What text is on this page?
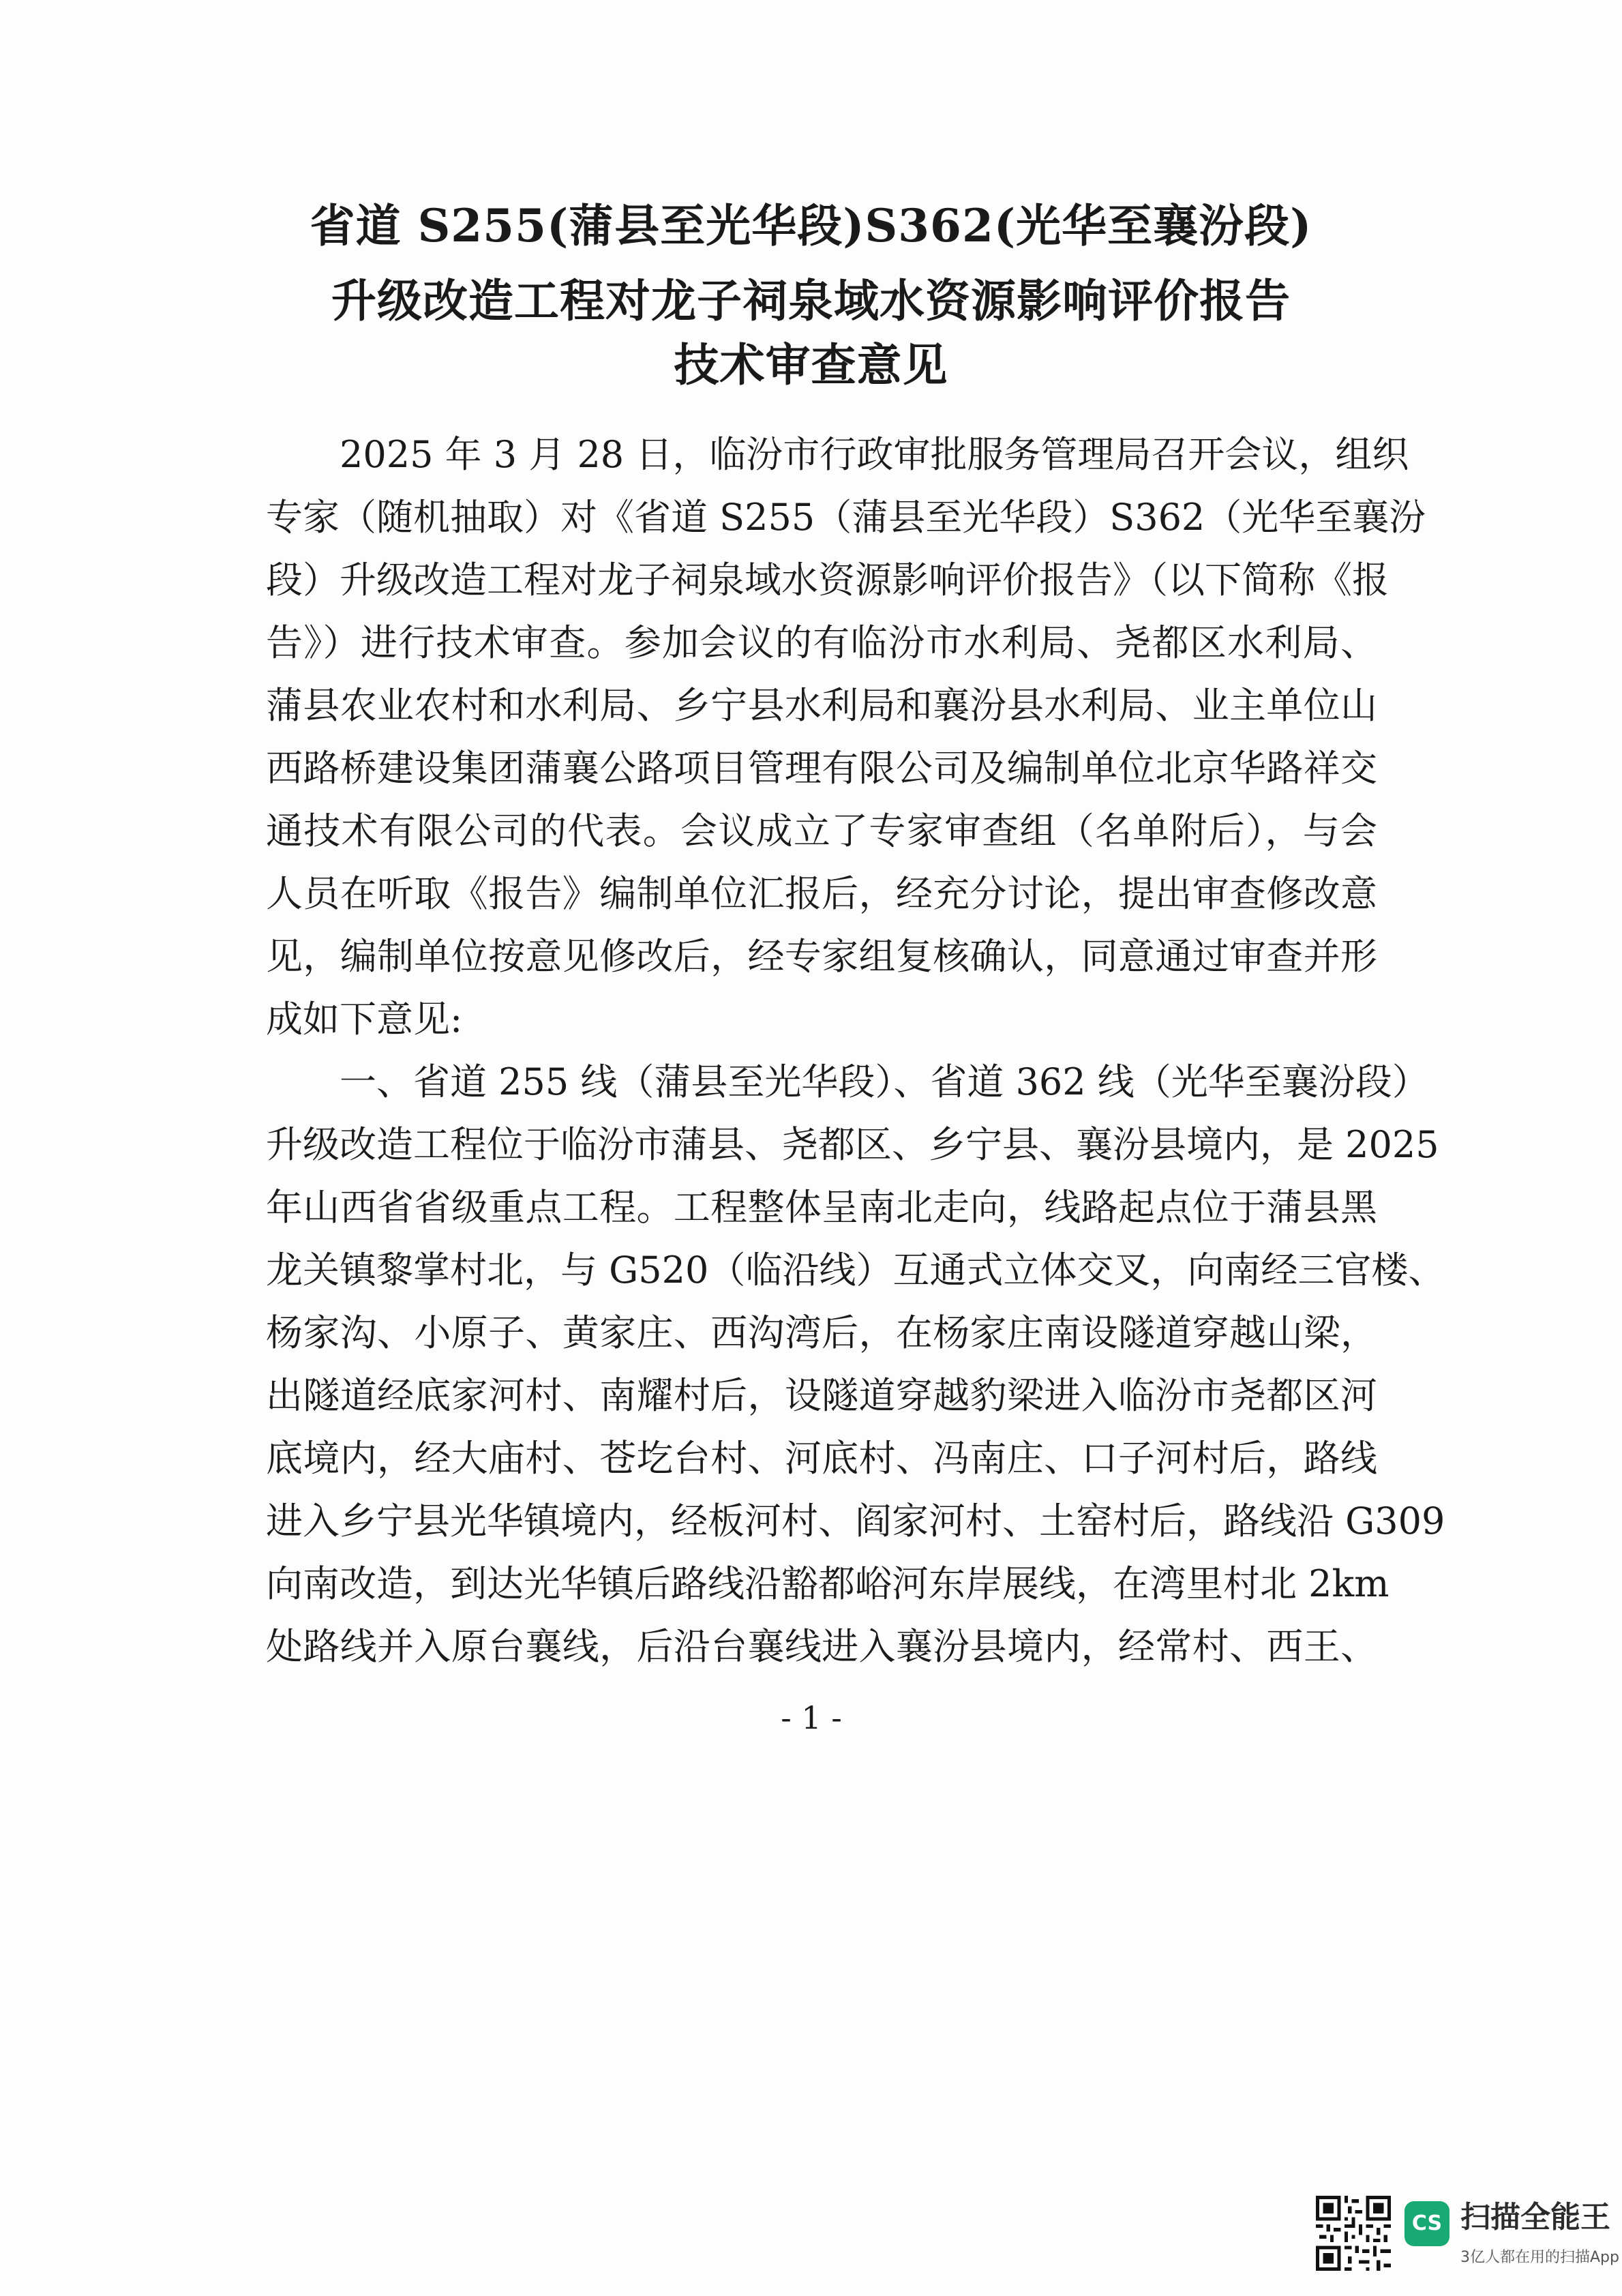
省道 S255(蒲县至光华段)S362(光华至襄汾段)
升级改造工程对龙子祠泉域水资源影响评价报告
技术审查意见
2025 年 3 月 28 日，临汾市行政审批服务管理局召开会议，组织
专家（随机抽取）对《省道 S255（蒲县至光华段）S362（光华至襄汾
段）升级改造工程对龙子祠泉域水资源影响评价报告》（以下简称《报
告》）进行技术审查。参加会议的有临汾市水利局、尧都区水利局、
蒲县农业农村和水利局、乡宁县水利局和襄汾县水利局、业主单位山
西路桥建设集团蒲襄公路项目管理有限公司及编制单位北京华路祥交
通技术有限公司的代表。会议成立了专家审查组（名单附后），与会
人员在听取《报告》编制单位汇报后，经充分讨论，提出审查修改意
见，编制单位按意见修改后，经专家组复核确认，同意通过审查并形
成如下意见:
一、省道 255 线（蒲县至光华段）、省道 362 线（光华至襄汾段）
升级改造工程位于临汾市蒲县、尧都区、乡宁县、襄汾县境内，是 2025
年山西省省级重点工程。工程整体呈南北走向，线路起点位于蒲县黑
龙关镇黎掌村北，与 G520（临沿线）互通式立体交叉，向南经三官楼、
杨家沟、小原子、黄家庄、西沟湾后，在杨家庄南设隧道穿越山梁，
出隧道经底家河村、南耀村后，设隧道穿越豹梁进入临汾市尧都区河
底境内，经大庙村、苍圪台村、河底村、冯南庄、口子河村后，路线
进入乡宁县光华镇境内，经板河村、阎家河村、土窑村后，路线沿 G309
向南改造，到达光华镇后路线沿豁都峪河东岸展线，在湾里村北 2km
处路线并入原台襄线，后沿台襄线进入襄汾县境内，经常村、西王、
- 1 -
CS 扫描全能王
3亿人都在用的扫描App
